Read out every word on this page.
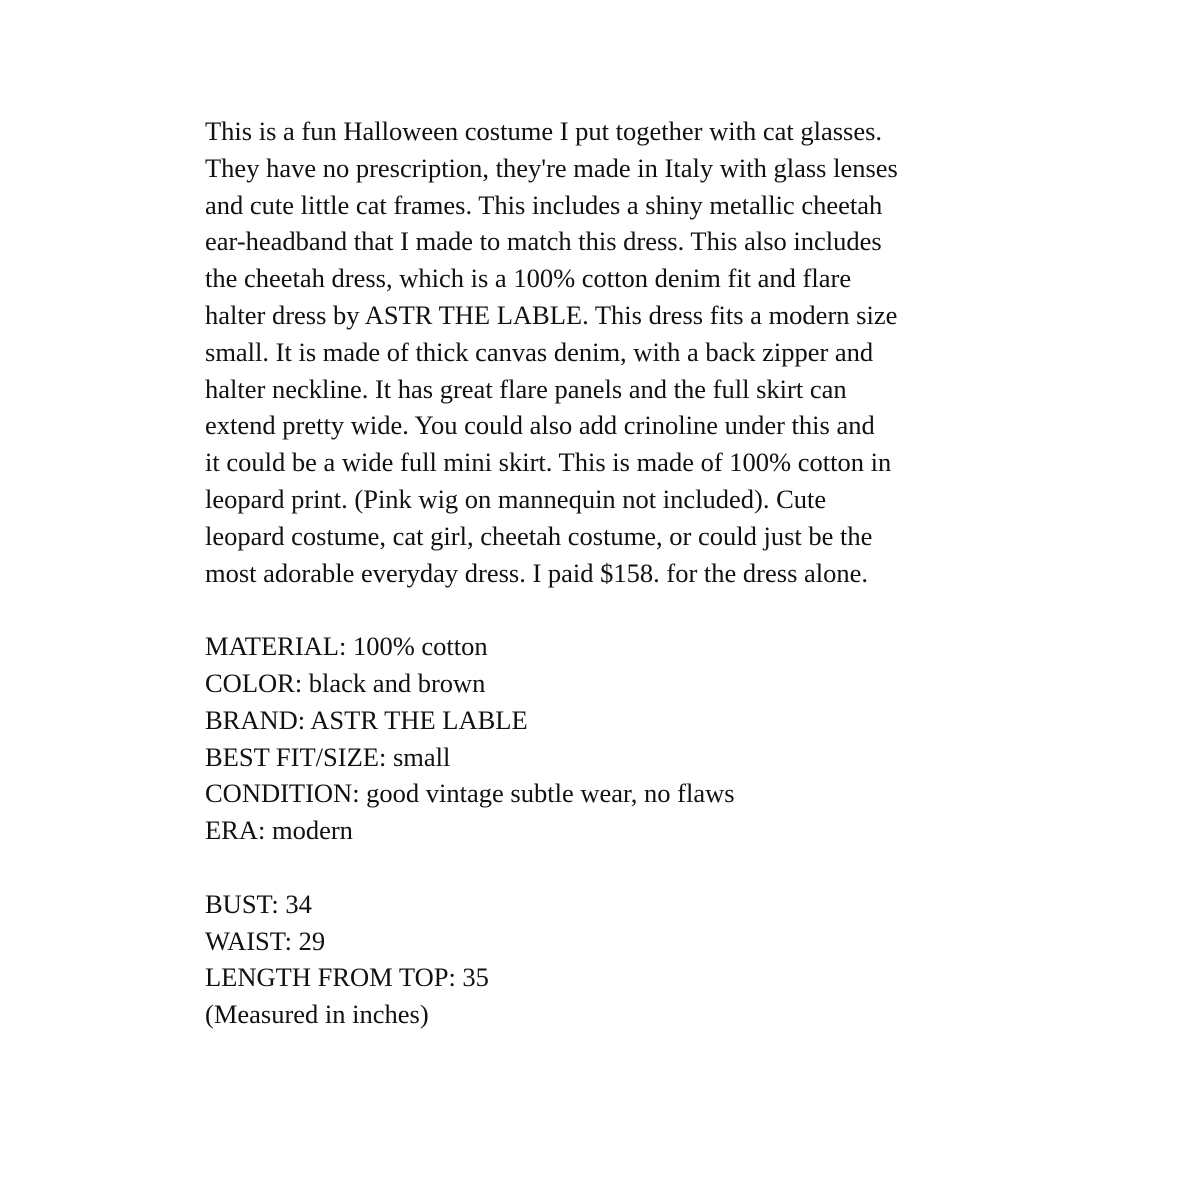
This is a fun Halloween costume I put together with cat glasses.
They have no prescription, they're made in Italy with glass lenses
and cute little cat frames. This includes a shiny metallic cheetah
ear-headband that I made to match this dress. This also includes
the cheetah dress, which is a 100% cotton denim fit and flare
halter dress by ASTR THE LABLE. This dress fits a modern size
small. It is made of thick canvas denim, with a back zipper and
halter neckline. It has great flare panels and the full skirt can
extend pretty wide. You could also add crinoline under this and
it could be a wide full mini skirt. This is made of 100% cotton in
leopard print. (Pink wig on mannequin not included). Cute
leopard costume, cat girl, cheetah costume, or could just be the
most adorable everyday dress. I paid $158. for the dress alone.
MATERIAL: 100% cotton
COLOR: black and brown
BRAND: ASTR THE LABLE
BEST FIT/SIZE: small
CONDITION: good vintage subtle wear, no flaws
ERA: modern
BUST: 34
WAIST: 29
LENGTH FROM TOP: 35
(Measured in inches)
